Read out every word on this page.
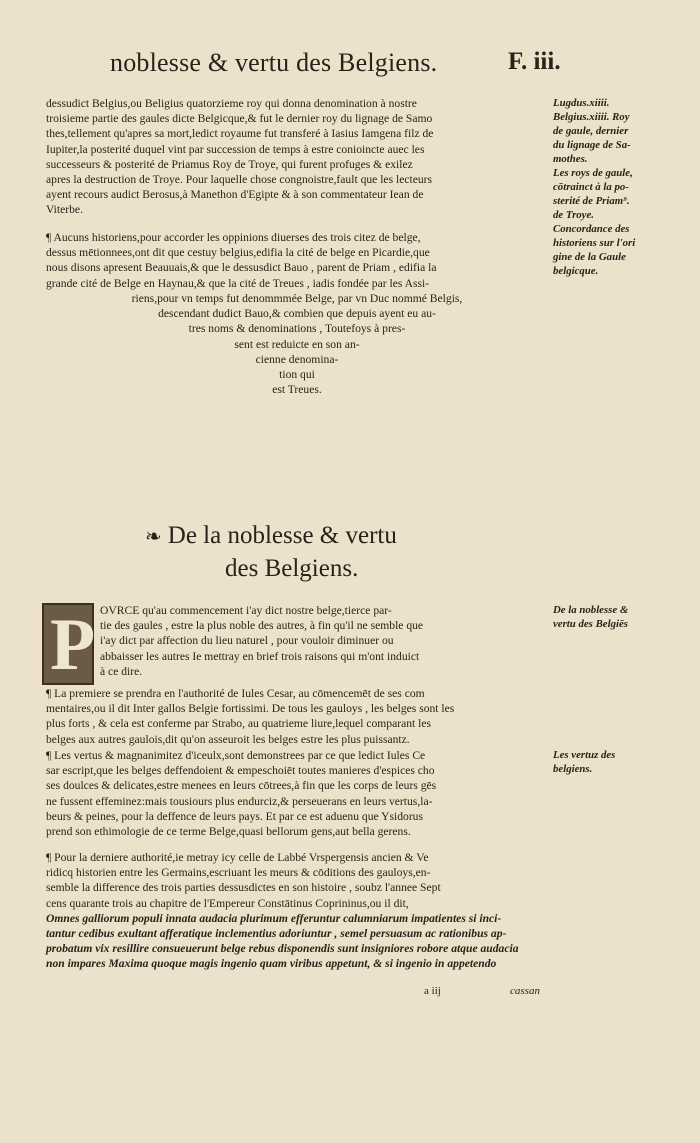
noblesse & vertu des Belgiens.	F. iii.
dessudict Belgius,ou Beligius quatorzieme roy qui donna denomination à nostre
troisieme partie des gaules dicte Belgicque,& fut le dernier roy du lignage de Samo
thes,tellement qu'apres sa mort,ledict royaume fut transferé à Iasius Iamgena filz de
Iupiter,la posterité duquel vint par succession de temps à estre conioincte auec les
successeurs & posterité de Priamus Roy de Troye, qui furent profuges & exilez
apres la destruction de Troye. Pour laquelle chose congnoistre,fault que les lecteurs
ayent recours audict Berosus,à Manethon d'Egipte & à son commentateur Iean de
Viterbe.
¶ Aucuns historiens,pour accorder les oppinions diuerses des trois citez de belge,
dessus mētionnees,ont dit que cestuy belgius,edifia la cité de belge en Picardie,que
nous disons apresent Beauuais,& que le dessusdict Bauo , parent de Priam , edifia la
grande cité de Belge en Haynau,& que la cité de Treues , iadis fondée par les Assi-
riens,pour vn temps fut denommmée Belge, par vn Duc nommé Belgis,
descendant dudict Bauo,& combien que depuis ayent eu au-
tres noms & denominations , Toutefoys à pres-
sent est reduicte en son an-
cienne denomina-
tion qui
est Treues.
Lugdus.xiiii.
Belgius.xiiii. Roy
de gaule, dernier
du lignage de Sa-
mothes.
Les roys de gaule,
cōtrainct à la po-
sterité de Priam⁹.
de Troye.
Concordance des
historiens sur l'ori
gine de la Gaule
belgicque.
❧ De la noblesse & vertu
des Belgiens.
P OVRCE qu'au commencement i'ay dict nostre belge,tierce par-
tie des gaules , estre la plus noble des autres, à fin qu'il ne semble que
i'ay dict par affection du lieu naturel , pour vouloir diminuer ou
abbaisser les autres Ie mettray en brief trois raisons qui m'ont induict
à ce dire.
¶ La premiere se prendra en l'authorité de Iules Cesar, au cōmencemēt de ses com
mentaires,ou il dit Inter gallos Belgie fortissimi. De tous les gauloys , les belges sont les
plus forts , & cela est conferme par Strabo, au quatrieme liure,lequel comparant les
belges aux autres gaulois,dit qu'on asseuroit les belges estre les plus puissantz.
¶ Les vertus & magnanimitez d'iceulx,sont demonstrees par ce que ledict Iules Ce
sar escript,que les belges deffendoient & empeschoiēt toutes manieres d'espices cho
ses doulces & delicates,estre menees en leurs cōtrees,à fin que les corps de leurs gēs
ne fussent effeminez:mais tousiours plus endurciz,& perseuerans en leurs vertus,la-
beurs & peines, pour la deffence de leurs pays. Et par ce est aduenu que Ysidorus
prend son ethimologie de ce terme Belge,quasi bellorum gens,aut bella gerens.
¶ Pour la derniere authorité,ie metray icy celle de Labbé Vrspergensis ancien & Ve
ridicq historien entre les Germains,escriuant les meurs & cōditions des gauloys,en-
semble la difference des trois parties dessusdictes en son histoire , soubz l'annee Sept
cens quarante trois au chapitre de l'Empereur Constātinus Coprininus,ou il dit,
Omnes galliorum populi innata audacia plurimum efferuntur calumniarum impatientes si inci-
tantur cedibus exultant afferatique inclementius adoriuntur , semel persuasum ac rationibus ap-
probatum vix resillire consueuerunt belge rebus disponendis sunt insigniores robore atque audacia
non impares Maxima quoque magis ingenio quam viribus appetunt, & si ingenio in appetendo
De la noblesse &
vertu des Belgiēs
Les vertuz des
belgiens.
a iij	cassan
